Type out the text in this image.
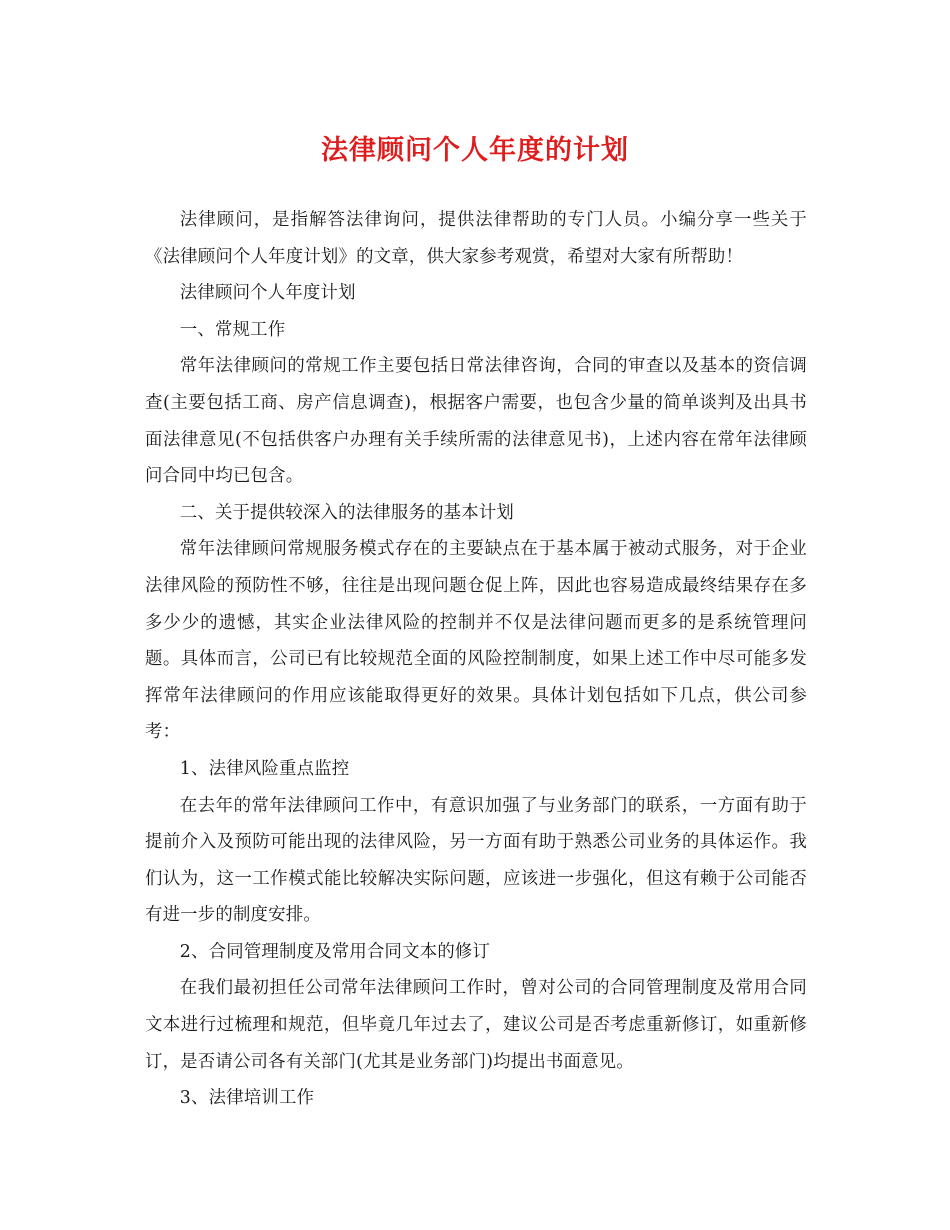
法律顾问个人年度的计划

法律顾问，是指解答法律询问，提供法律帮助的专门人员。小编分享一些关于《法律顾问个人年度计划》的文章，供大家参考观赏，希望对大家有所帮助！

法律顾问个人年度计划

一、常规工作

常年法律顾问的常规工作主要包括日常法律咨询，合同的审查以及基本的资信调查(主要包括工商、房产信息调查)，根据客户需要，也包含少量的简单谈判及出具书面法律意见(不包括供客户办理有关手续所需的法律意见书)，上述内容在常年法律顾问合同中均已包含。

二、关于提供较深入的法律服务的基本计划

常年法律顾问常规服务模式存在的主要缺点在于基本属于被动式服务，对于企业法律风险的预防性不够，往往是出现问题仓促上阵，因此也容易造成最终结果存在多多少少的遗憾，其实企业法律风险的控制并不仅是法律问题而更多的是系统管理问题。具体而言，公司已有比较规范全面的风险控制制度，如果上述工作中尽可能多发挥常年法律顾问的作用应该能取得更好的效果。具体计划包括如下几点，供公司参考：

1、法律风险重点监控

在去年的常年法律顾问工作中，有意识加强了与业务部门的联系，一方面有助于提前介入及预防可能出现的法律风险，另一方面有助于熟悉公司业务的具体运作。我们认为，这一工作模式能比较解决实际问题，应该进一步强化，但这有赖于公司能否有进一步的制度安排。

2、合同管理制度及常用合同文本的修订

在我们最初担任公司常年法律顾问工作时，曾对公司的合同管理制度及常用合同文本进行过梳理和规范，但毕竟几年过去了，建议公司是否考虑重新修订，如重新修订，是否请公司各有关部门(尤其是业务部门)均提出书面意见。

3、法律培训工作
